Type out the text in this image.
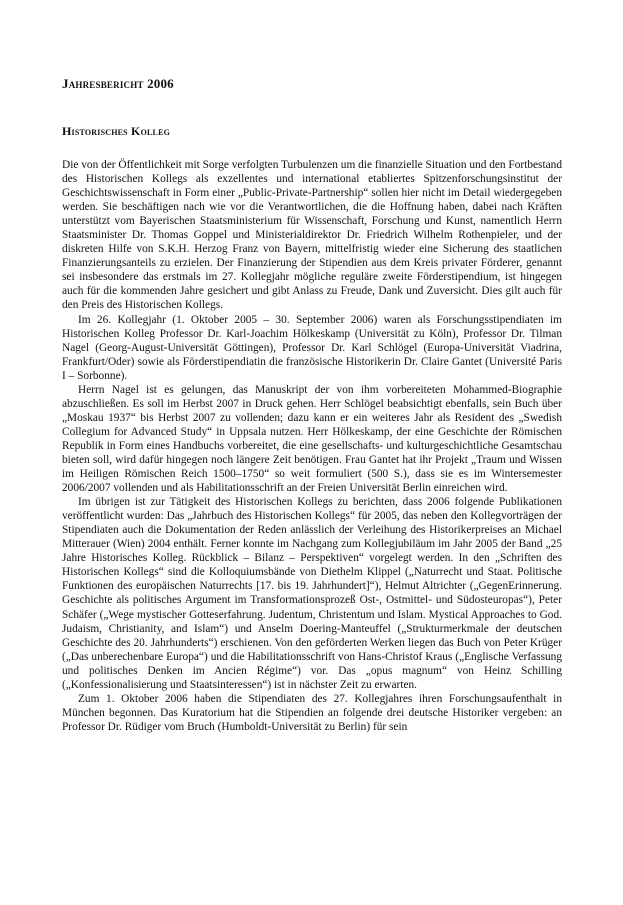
Jahresbericht 2006
Historisches Kolleg

Die von der Öffentlichkeit mit Sorge verfolgten Turbulenzen um die finanzielle Situation und den Fortbestand des Historischen Kollegs als exzellentes und international etabliertes Spitzenforschungsinstitut der Geschichtswissenschaft in Form einer „Public-Private-Partnership“ sollen hier nicht im Detail wiedergegeben werden. Sie beschäftigen nach wie vor die Verantwortlichen, die die Hoffnung haben, dabei nach Kräften unterstützt vom Bayerischen Staatsministerium für Wissenschaft, Forschung und Kunst, namentlich Herrn Staatsminister Dr. Thomas Goppel und Ministerialdirektor Dr. Friedrich Wilhelm Rothenpieler, und der diskreten Hilfe von S.K.H. Herzog Franz von Bayern, mittelfristig wieder eine Sicherung des staatlichen Finanzierungsanteils zu erzielen. Der Finanzierung der Stipendien aus dem Kreis privater Förderer, genannt sei insbesondere das erstmals im 27. Kollegjahr mögliche reguläre zweite Förderstipendium, ist hingegen auch für die kommenden Jahre gesichert und gibt Anlass zu Freude, Dank und Zuversicht. Dies gilt auch für den Preis des Historischen Kollegs.

Im 26. Kollegjahr (1. Oktober 2005 – 30. September 2006) waren als Forschungsstipendiaten im Historischen Kolleg Professor Dr. Karl-Joachim Hölkeskamp (Universität zu Köln), Professor Dr. Tilman Nagel (Georg-August-Universität Göttingen), Professor Dr. Karl Schlögel (Europa-Universität Viadrina, Frankfurt/Oder) sowie als Förderstipendiatin die französische Historikerin Dr. Claire Gantet (Université Paris I – Sorbonne).

Herrn Nagel ist es gelungen, das Manuskript der von ihm vorbereiteten Mohammed-Biographie abzuschließen. Es soll im Herbst 2007 in Druck gehen. Herr Schlögel beabsichtigt ebenfalls, sein Buch über „Moskau 1937“ bis Herbst 2007 zu vollenden; dazu kann er ein weiteres Jahr als Resident des „Swedish Collegium for Advanced Study“ in Uppsala nutzen. Herr Hölkeskamp, der eine Geschichte der Römischen Republik in Form eines Handbuchs vorbereitet, die eine gesellschafts- und kulturgeschichtliche Gesamtschau bieten soll, wird dafür hingegen noch längere Zeit benötigen. Frau Gantet hat ihr Projekt „Traum und Wissen im Heiligen Römischen Reich 1500–1750“ so weit formuliert (500 S.), dass sie es im Wintersemester 2006/2007 vollenden und als Habilitationsschrift an der Freien Universität Berlin einreichen wird.

Im übrigen ist zur Tätigkeit des Historischen Kollegs zu berichten, dass 2006 folgende Publikationen veröffentlicht wurden: Das „Jahrbuch des Historischen Kollegs“ für 2005, das neben den Kollegvorträgen der Stipendiaten auch die Dokumentation der Reden anlässlich der Verleihung des Historikerpreises an Michael Mitterauer (Wien) 2004 enthält. Ferner konnte im Nachgang zum Kollegjubiläum im Jahr 2005 der Band „25 Jahre Historisches Kolleg. Rückblick – Bilanz – Perspektiven“ vorgelegt werden. In den „Schriften des Historischen Kollegs“ sind die Kolloquiumsbände von Diethelm Klippel („Naturrecht und Staat. Politische Funktionen des europäischen Naturrechts [17. bis 19. Jahrhundert]“), Helmut Altrichter („GegenErinnerung. Geschichte als politisches Argument im Transformationsprozeß Ost-, Ostmittel- und Südosteuropas“), Peter Schäfer („Wege mystischer Gotteserfahrung. Judentum, Christentum und Islam. Mystical Approaches to God. Judaism, Christianity, and Islam“) und Anselm Doering-Manteuffel („Strukturmerkmale der deutschen Geschichte des 20. Jahrhunderts“) erschienen. Von den geförderten Werken liegen das Buch von Peter Krüger („Das unberechenbare Europa“) und die Habilitationsschrift von Hans-Christof Kraus („Englische Verfassung und politisches Denken im Ancien Régime“) vor. Das „opus magnum“ von Heinz Schilling („Konfessionalisierung und Staatsinteressen“) ist in nächster Zeit zu erwarten.

Zum 1. Oktober 2006 haben die Stipendiaten des 27. Kollegjahres ihren Forschungsaufenthalt in München begonnen. Das Kuratorium hat die Stipendien an folgende drei deutsche Historiker vergeben: an Professor Dr. Rüdiger vom Bruch (Humboldt-Universität zu Berlin) für sein
